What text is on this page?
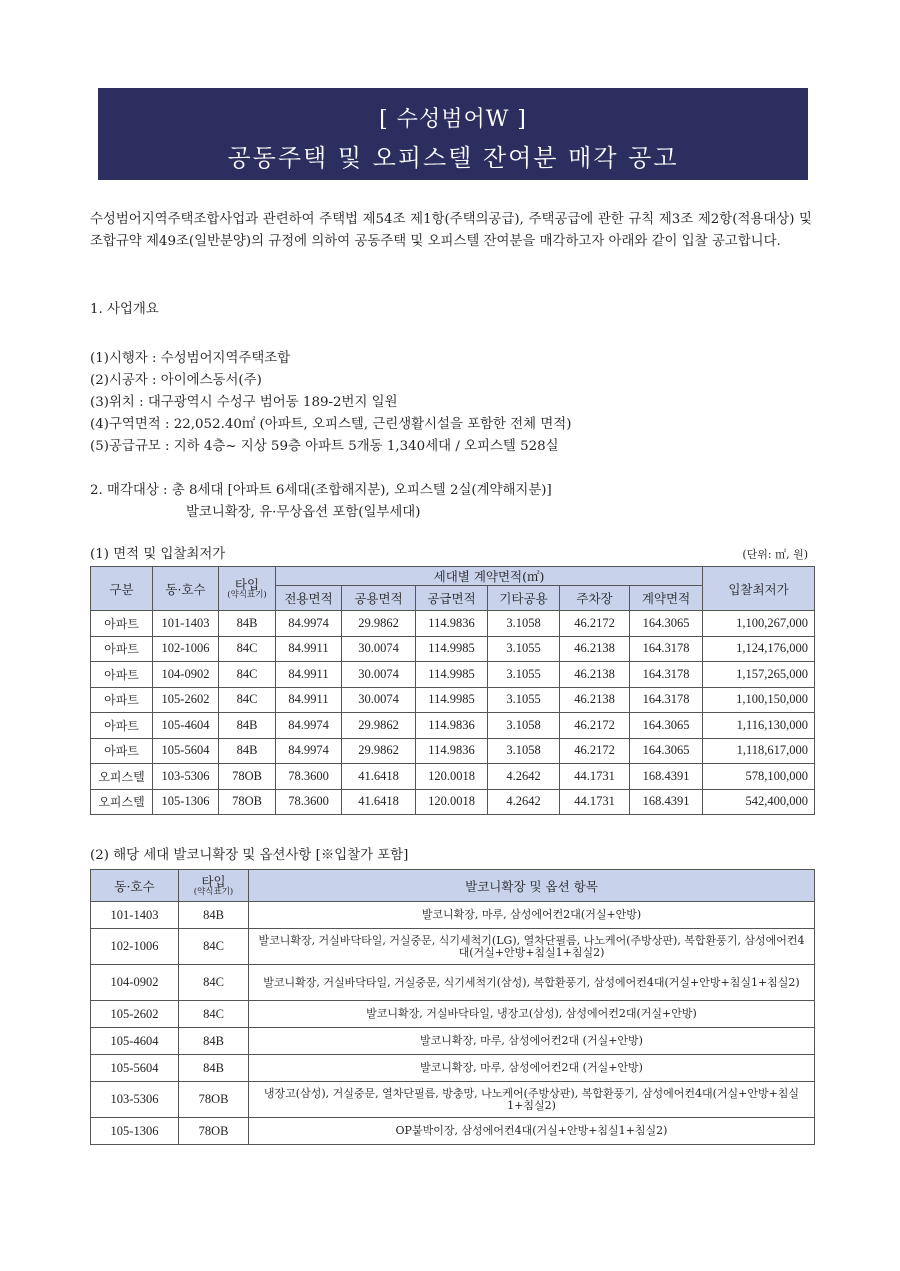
[ 수성범어W ]
공동주택 및 오피스텔 잔여분 매각 공고
수성범어지역주택조합사업과 관련하여 주택법 제54조 제1항(주택의공급), 주택공급에 관한 규칙 제3조 제2항(적용대상) 및 조합규약 제49조(일반분양)의 규정에 의하여 공동주택 및 오피스텔 잔여분을 매각하고자 아래와 같이 입찰 공고합니다.
1. 사업개요
(1)시행자 : 수성범어지역주택조합
(2)시공자 : 아이에스동서(주)
(3)위치 : 대구광역시 수성구 범어동 189-2번지 일원
(4)구역면적 : 22,052.40㎡ (아파트, 오피스텔, 근린생활시설을 포함한 전체 면적)
(5)공급규모 : 지하 4층~ 지상 59층 아파트 5개동 1,340세대 / 오피스텔 528실
2. 매각대상 : 총 8세대 [아파트 6세대(조합해지분), 오피스텔 2실(계약해지분)]
발코니확장, 유·무상옵션 포함(일부세대)
(1) 면적 및 입찰최저가	(단위: ㎡, 원)
구분	동·호수	타입
(약식표기)	세대별 계약면적(㎡)						입찰최저가
			전용면적	공용면적	공급면적	기타공용	주차장	계약면적	
아파트	101-1403	84B	84.9974	29.9862	114.9836	3.1058	46.2172	164.3065	1,100,267,000
아파트	102-1006	84C	84.9911	30.0074	114.9985	3.1055	46.2138	164.3178	1,124,176,000
아파트	104-0902	84C	84.9911	30.0074	114.9985	3.1055	46.2138	164.3178	1,157,265,000
아파트	105-2602	84C	84.9911	30.0074	114.9985	3.1055	46.2138	164.3178	1,100,150,000
아파트	105-4604	84B	84.9974	29.9862	114.9836	3.1058	46.2172	164.3065	1,116,130,000
아파트	105-5604	84B	84.9974	29.9862	114.9836	3.1058	46.2172	164.3065	1,118,617,000
오피스텔	103-5306	78OB	78.3600	41.6418	120.0018	4.2642	44.1731	168.4391	578,100,000
오피스텔	105-1306	78OB	78.3600	41.6418	120.0018	4.2642	44.1731	168.4391	542,400,000
(2) 해당 세대 발코니확장 및 옵션사항 [※입찰가 포함]
동·호수	타입
(약식표기)	발코니확장 및 옵션 항목
101-1403	84B	발코니확장, 마루, 삼성에어컨2대(거실+안방)
102-1006	84C	발코니확장, 거실바닥타일, 거실중문, 식기세척기(LG), 열차단필름, 나노케어(주방상판), 복합환풍기, 삼성에어컨4대(거실+안방+침실1+침실2)
104-0902	84C	발코니확장, 거실바닥타일, 거실중문, 식기세척기(삼성), 복합환풍기, 삼성에어컨4대(거실+안방+침실1+침실2)
105-2602	84C	발코니확장, 거실바닥타일, 냉장고(삼성), 삼성에어컨2대(거실+안방)
105-4604	84B	발코니확장, 마루, 삼성에어컨2대 (거실+안방)
105-5604	84B	발코니확장, 마루, 삼성에어컨2대 (거실+안방)
103-5306	78OB	냉장고(삼성), 거실중문, 열차단필름, 방충망, 나노케어(주방상판), 복합환풍기, 삼성에어컨4대(거실+안방+침실1+침실2)
105-1306	78OB	OP붙박이장, 삼성에어컨4대(거실+안방+침실1+침실2)
